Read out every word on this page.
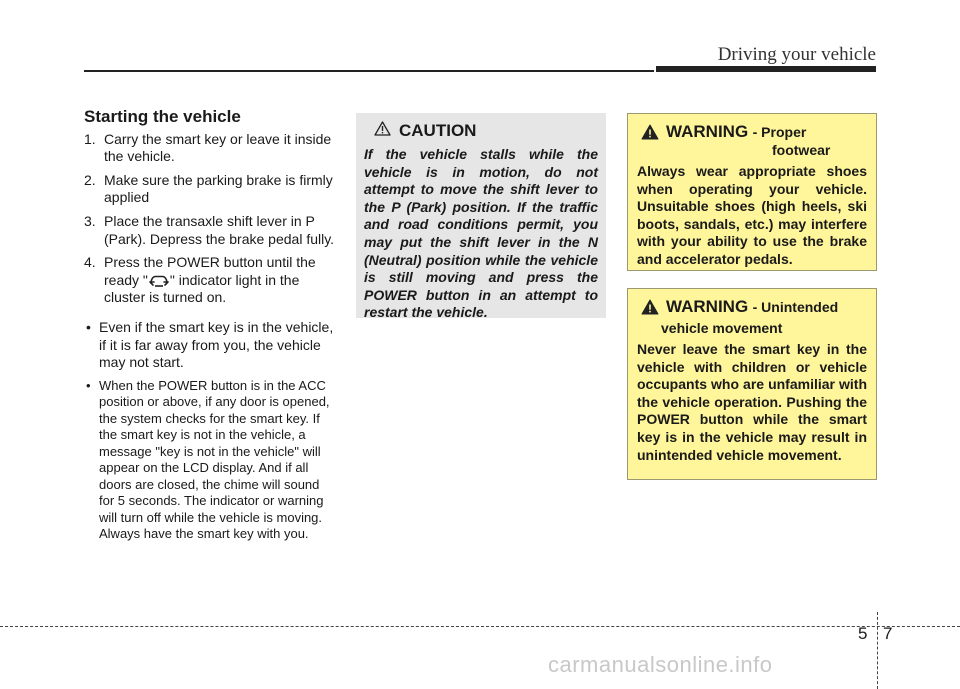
Driving your vehicle
Starting the vehicle
1. Carry the smart key or leave it inside the vehicle.
2. Make sure the parking brake is firmly applied
3. Place the transaxle shift lever in P (Park). Depress the brake pedal fully.
4. Press the POWER button until the ready " " indicator light in the cluster is turned on.
• Even if the smart key is in the vehicle, if it is far away from you, the vehicle may not start.
• When the POWER button is in the ACC position or above, if any door is opened, the system checks for the smart key. If the smart key is not in the vehicle, a message "key is not in the vehicle" will appear on the LCD display. And if all doors are closed, the chime will sound for 5 seconds. The indicator or warning will turn off while the vehicle is moving. Always have the smart key with you.
CAUTION
If the vehicle stalls while the vehicle is in motion, do not attempt to move the shift lever to the P (Park) position. If the traffic and road conditions permit, you may put the shift lever in the N (Neutral) position while the vehicle is still moving and press the POWER button in an attempt to restart the vehicle.
WARNING - Proper
footwear
Always wear appropriate shoes when operating your vehicle. Unsuitable shoes (high heels, ski boots, sandals, etc.) may interfere with your ability to use the brake and accelerator pedals.
WARNING - Unintended
vehicle movement
Never leave the smart key in the vehicle with children or vehicle occupants who are unfamiliar with the vehicle operation. Pushing the POWER button while the smart key is in the vehicle may result in unintended vehicle movement.
5 7
carmanualsonline.info
